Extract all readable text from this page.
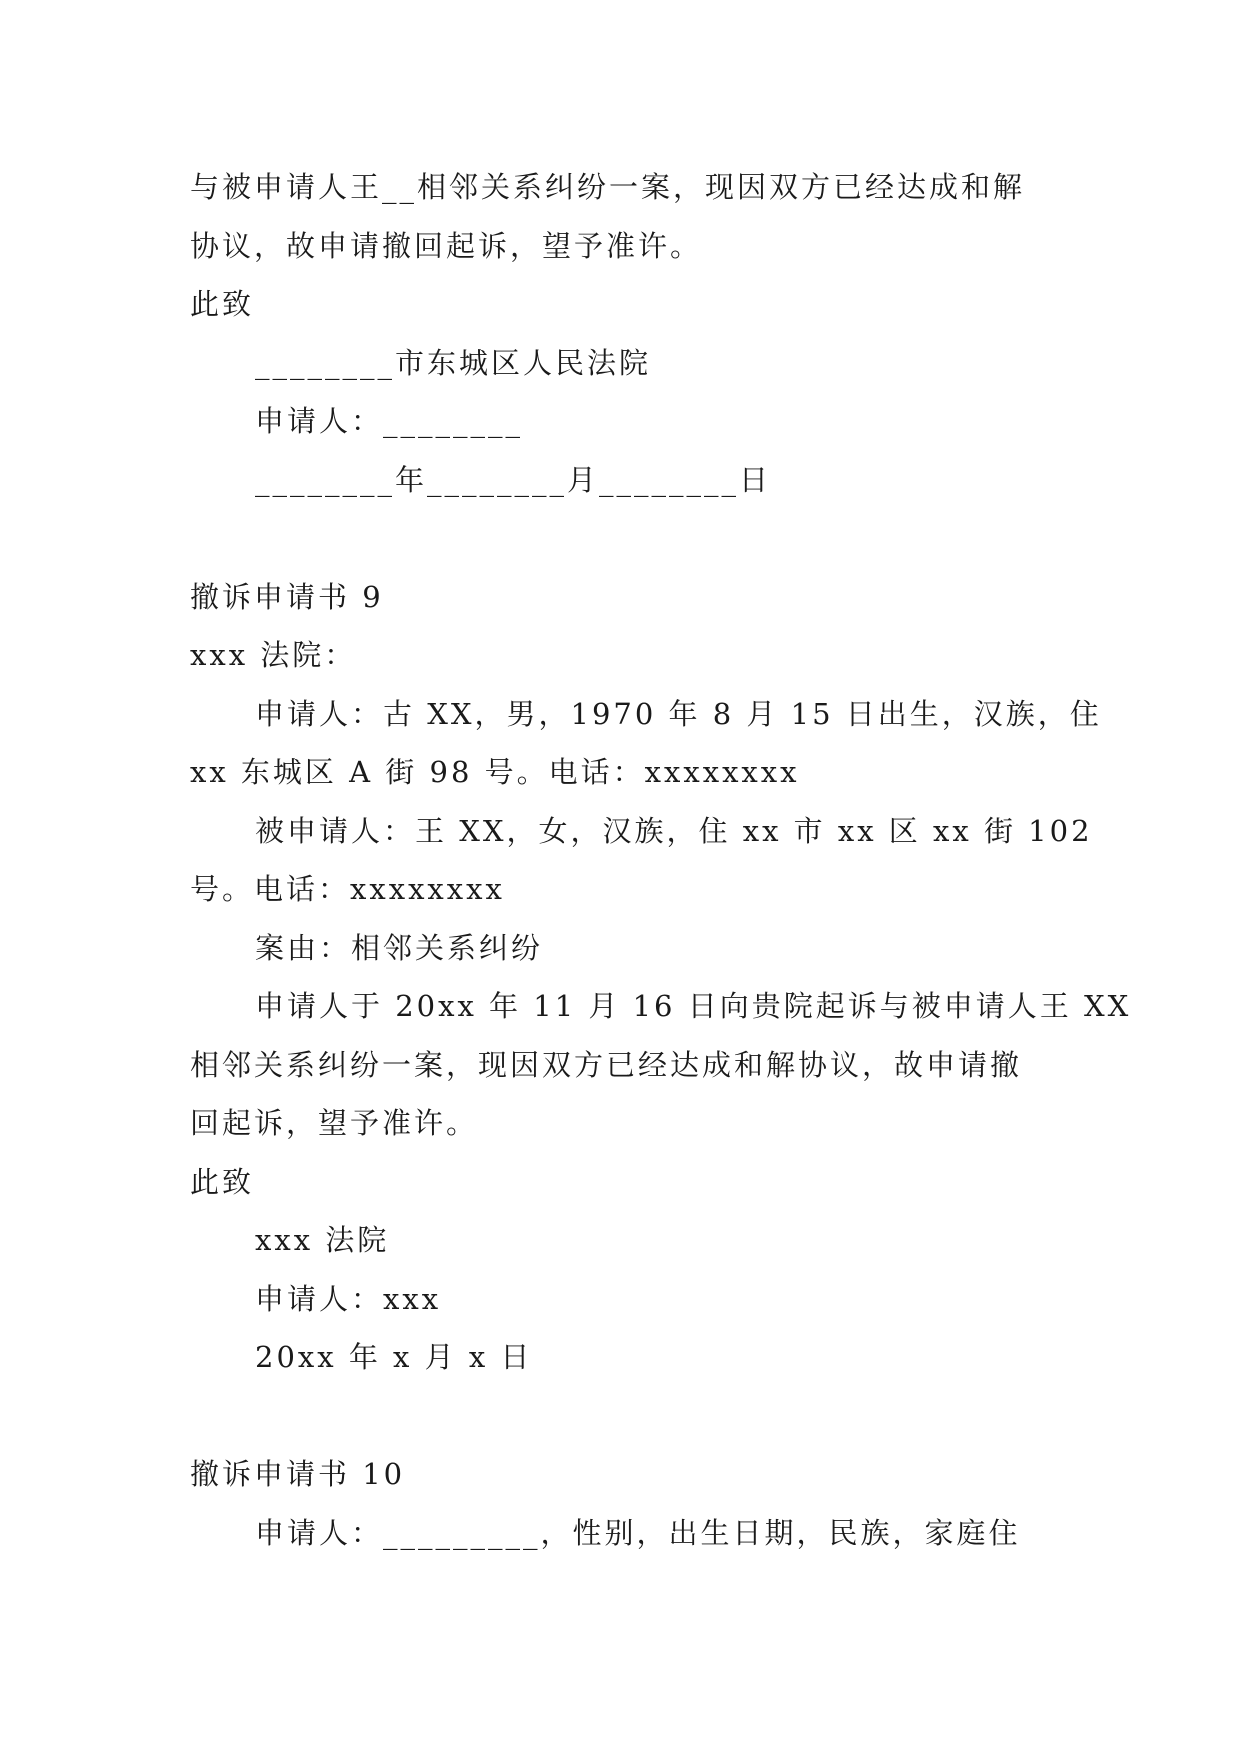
与被申请人王__相邻关系纠纷一案，现因双方已经达成和解
协议，故申请撤回起诉，望予准许。
此致
________市东城区人民法院
申请人：________
________年________月________日
撤诉申请书 9
xxx 法院：
申请人：古 XX，男，1970 年 8 月 15 日出生，汉族，住
xx 东城区 A 街 98 号。电话：xxxxxxxx
被申请人：王 XX，女，汉族，住 xx 市 xx 区 xx 街 102
号。电话：xxxxxxxx
案由：相邻关系纠纷
申请人于 20xx 年 11 月 16 日向贵院起诉与被申请人王 XX
相邻关系纠纷一案，现因双方已经达成和解协议，故申请撤
回起诉，望予准许。
此致
xxx 法院
申请人：xxx
20xx 年 x 月 x 日
撤诉申请书 10
申请人：_________，性别，出生日期，民族，家庭住
